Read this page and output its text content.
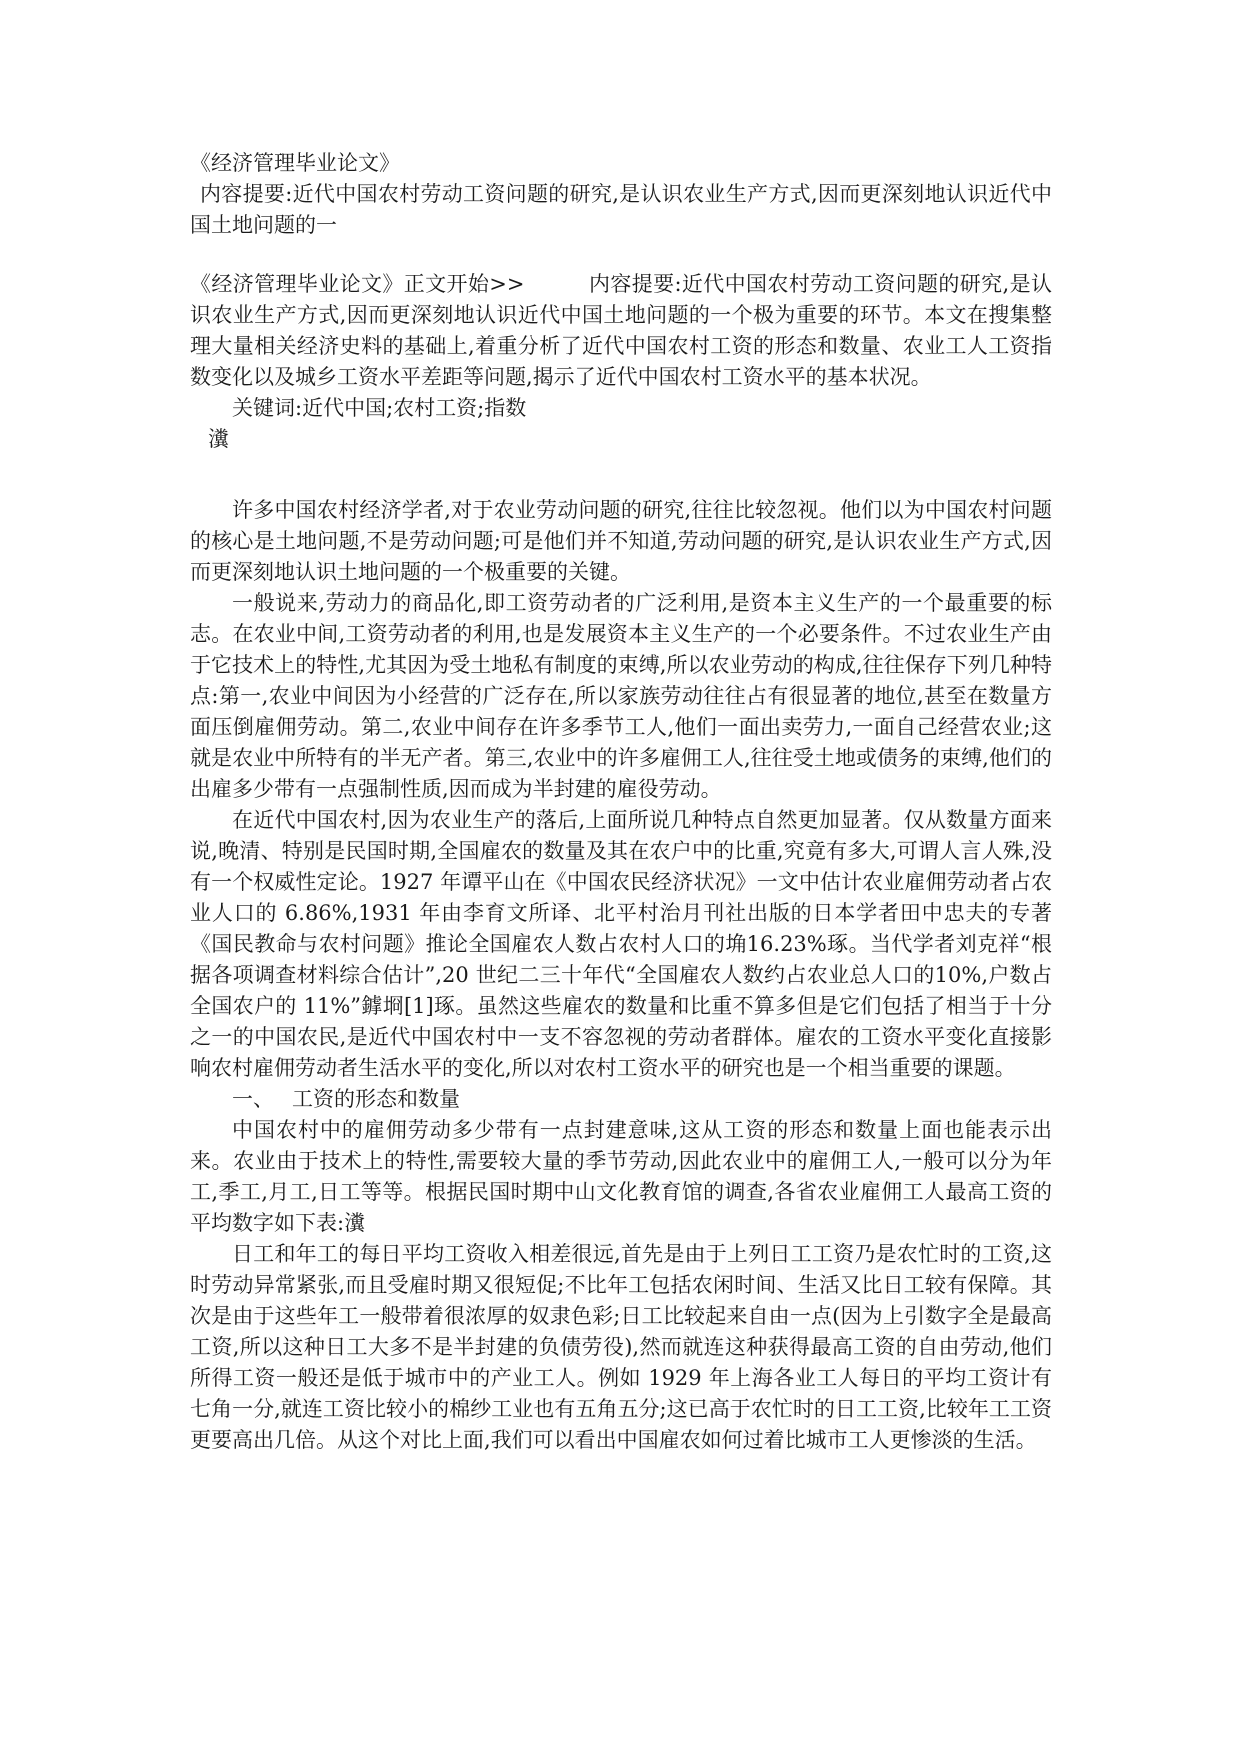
《经济管理毕业论文》

内容提要:近代中国农村劳动工资问题的研究,是认识农业生产方式,因而更深刻地认识近代中国土地问题的一

《经济管理毕业论文》正文开始>>　　　内容提要:近代中国农村劳动工资问题的研究,是认识农业生产方式,因而更深刻地认识近代中国土地问题的一个极为重要的环节。本文在搜集整理大量相关经济史料的基础上,着重分析了近代中国农村工资的形态和数量、农业工人工资指数变化以及城乡工资水平差距等问题,揭示了近代中国农村工资水平的基本状况。

关键词:近代中国;农村工资;指数

瀵

许多中国农村经济学者,对于农业劳动问题的研究,往往比较忽视。他们以为中国农村问题的核心是土地问题,不是劳动问题;可是他们并不知道,劳动问题的研究,是认识农业生产方式,因而更深刻地认识土地问题的一个极重要的关键。

一般说来,劳动力的商品化,即工资劳动者的广泛利用,是资本主义生产的一个最重要的标志。在农业中间,工资劳动者的利用,也是发展资本主义生产的一个必要条件。不过农业生产由于它技术上的特性,尤其因为受土地私有制度的束缚,所以农业劳动的构成,往往保存下列几种特点:第一,农业中间因为小经营的广泛存在,所以家族劳动往往占有很显著的地位,甚至在数量方面压倒雇佣劳动。第二,农业中间存在许多季节工人,他们一面出卖劳力,一面自己经营农业;这就是农业中所特有的半无产者。第三,农业中的许多雇佣工人,往往受土地或债务的束缚,他们的出雇多少带有一点强制性质,因而成为半封建的雇役劳动。

在近代中国农村,因为农业生产的落后,上面所说几种特点自然更加显著。仅从数量方面来说,晚清、特别是民国时期,全国雇农的数量及其在农户中的比重,究竟有多大,可谓人言人殊,没有一个权威性定论。1927 年谭平山在《中国农民经济状况》一文中估计农业雇佣劳动者占农业人口的 6.86%,1931 年由李育文所译、北平村治月刊社出版的日本学者田中忠夫的专著《国民教命与农村问题》推论全国雇农人数占农村人口的埆16.23%琢。当代学者刘克祥“根据各项调查材料综合估计”,20 世纪二三十年代“全国雇农人数约占农业总人口的10%,户数占全国农户的 11%”鎼埛[1]琢。虽然这些雇农的数量和比重不算多但是它们包括了相当于十分之一的中国农民,是近代中国农村中一支不容忽视的劳动者群体。雇农的工资水平变化直接影响农村雇佣劳动者生活水平的变化,所以对农村工资水平的研究也是一个相当重要的课题。

一、 工资的形态和数量

中国农村中的雇佣劳动多少带有一点封建意味,这从工资的形态和数量上面也能表示出来。农业由于技术上的特性,需要较大量的季节劳动,因此农业中的雇佣工人,一般可以分为年工,季工,月工,日工等等。根据民国时期中山文化教育馆的调查,各省农业雇佣工人最高工资的平均数字如下表:瀵

日工和年工的每日平均工资收入相差很远,首先是由于上列日工工资乃是农忙时的工资,这时劳动异常紧张,而且受雇时期又很短促;不比年工包括农闲时间、生活又比日工较有保障。其次是由于这些年工一般带着很浓厚的奴隶色彩;日工比较起来自由一点(因为上引数字全是最高工资,所以这种日工大多不是半封建的负债劳役),然而就连这种获得最高工资的自由劳动,他们所得工资一般还是低于城市中的产业工人。例如 1929 年上海各业工人每日的平均工资计有七角一分,就连工资比较小的棉纱工业也有五角五分;这已高于农忙时的日工工资,比较年工工资更要高出几倍。从这个对比上面,我们可以看出中国雇农如何过着比城市工人更惨淡的生活。
